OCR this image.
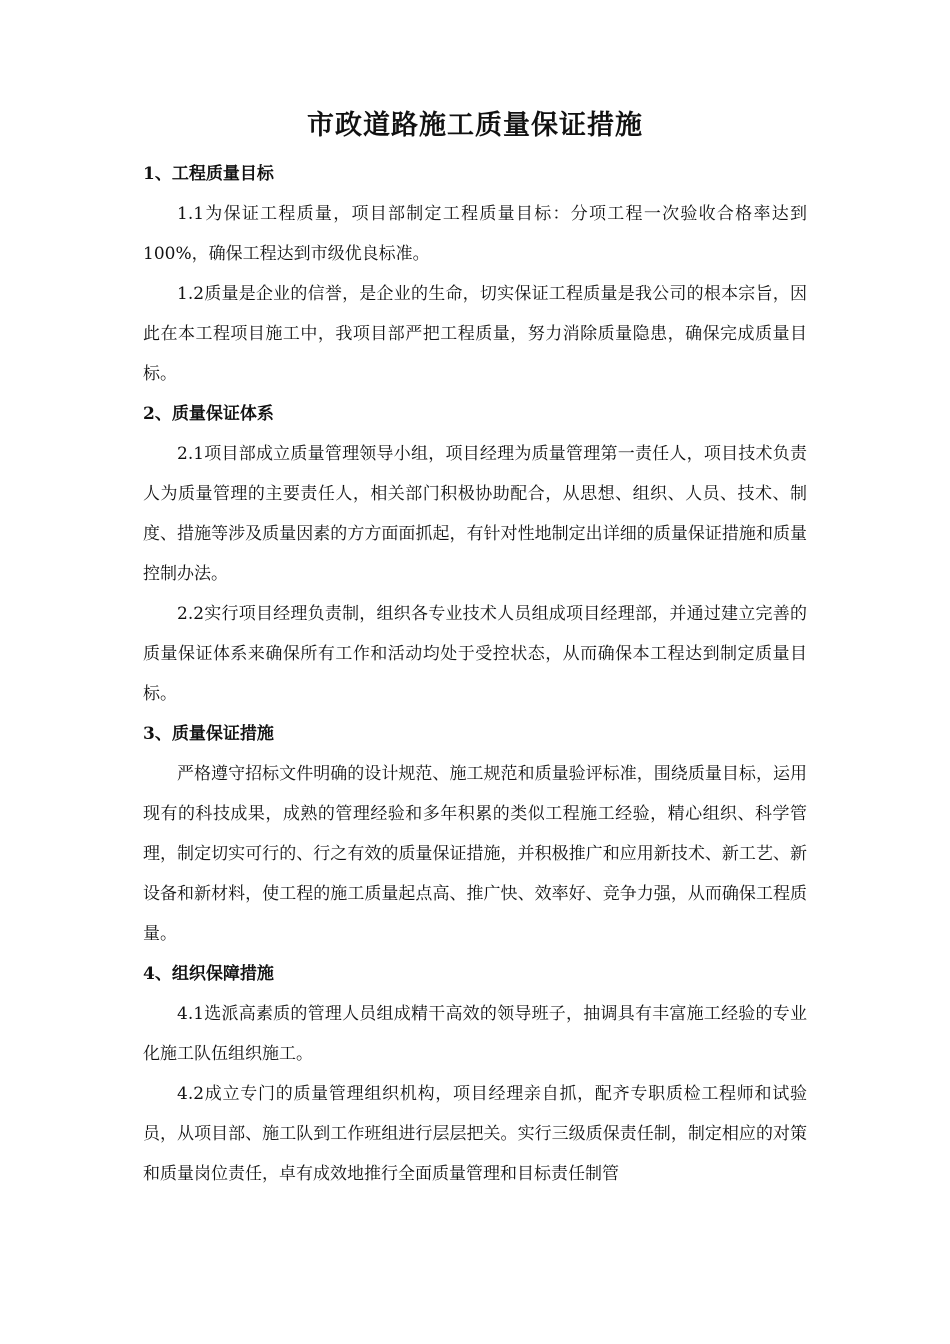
市政道路施工质量保证措施

1、工程质量目标

1.1为保证工程质量，项目部制定工程质量目标：分项工程一次验收合格率达到100%，确保工程达到市级优良标准。

1.2质量是企业的信誉，是企业的生命，切实保证工程质量是我公司的根本宗旨，因此在本工程项目施工中，我项目部严把工程质量，努力消除质量隐患，确保完成质量目标。

2、质量保证体系

2.1项目部成立质量管理领导小组，项目经理为质量管理第一责任人，项目技术负责人为质量管理的主要责任人，相关部门积极协助配合，从思想、组织、人员、技术、制度、措施等涉及质量因素的方方面面抓起，有针对性地制定出详细的质量保证措施和质量控制办法。

2.2实行项目经理负责制，组织各专业技术人员组成项目经理部，并通过建立完善的质量保证体系来确保所有工作和活动均处于受控状态，从而确保本工程达到制定质量目标。

3、质量保证措施

严格遵守招标文件明确的设计规范、施工规范和质量验评标准，围绕质量目标，运用现有的科技成果，成熟的管理经验和多年积累的类似工程施工经验，精心组织、科学管理，制定切实可行的、行之有效的质量保证措施，并积极推广和应用新技术、新工艺、新设备和新材料，使工程的施工质量起点高、推广快、效率好、竞争力强，从而确保工程质量。

4、组织保障措施

4.1选派高素质的管理人员组成精干高效的领导班子，抽调具有丰富施工经验的专业化施工队伍组织施工。

4.2成立专门的质量管理组织机构，项目经理亲自抓，配齐专职质检工程师和试验员，从项目部、施工队到工作班组进行层层把关。实行三级质保责任制，制定相应的对策和质量岗位责任，卓有成效地推行全面质量管理和目标责任制管
